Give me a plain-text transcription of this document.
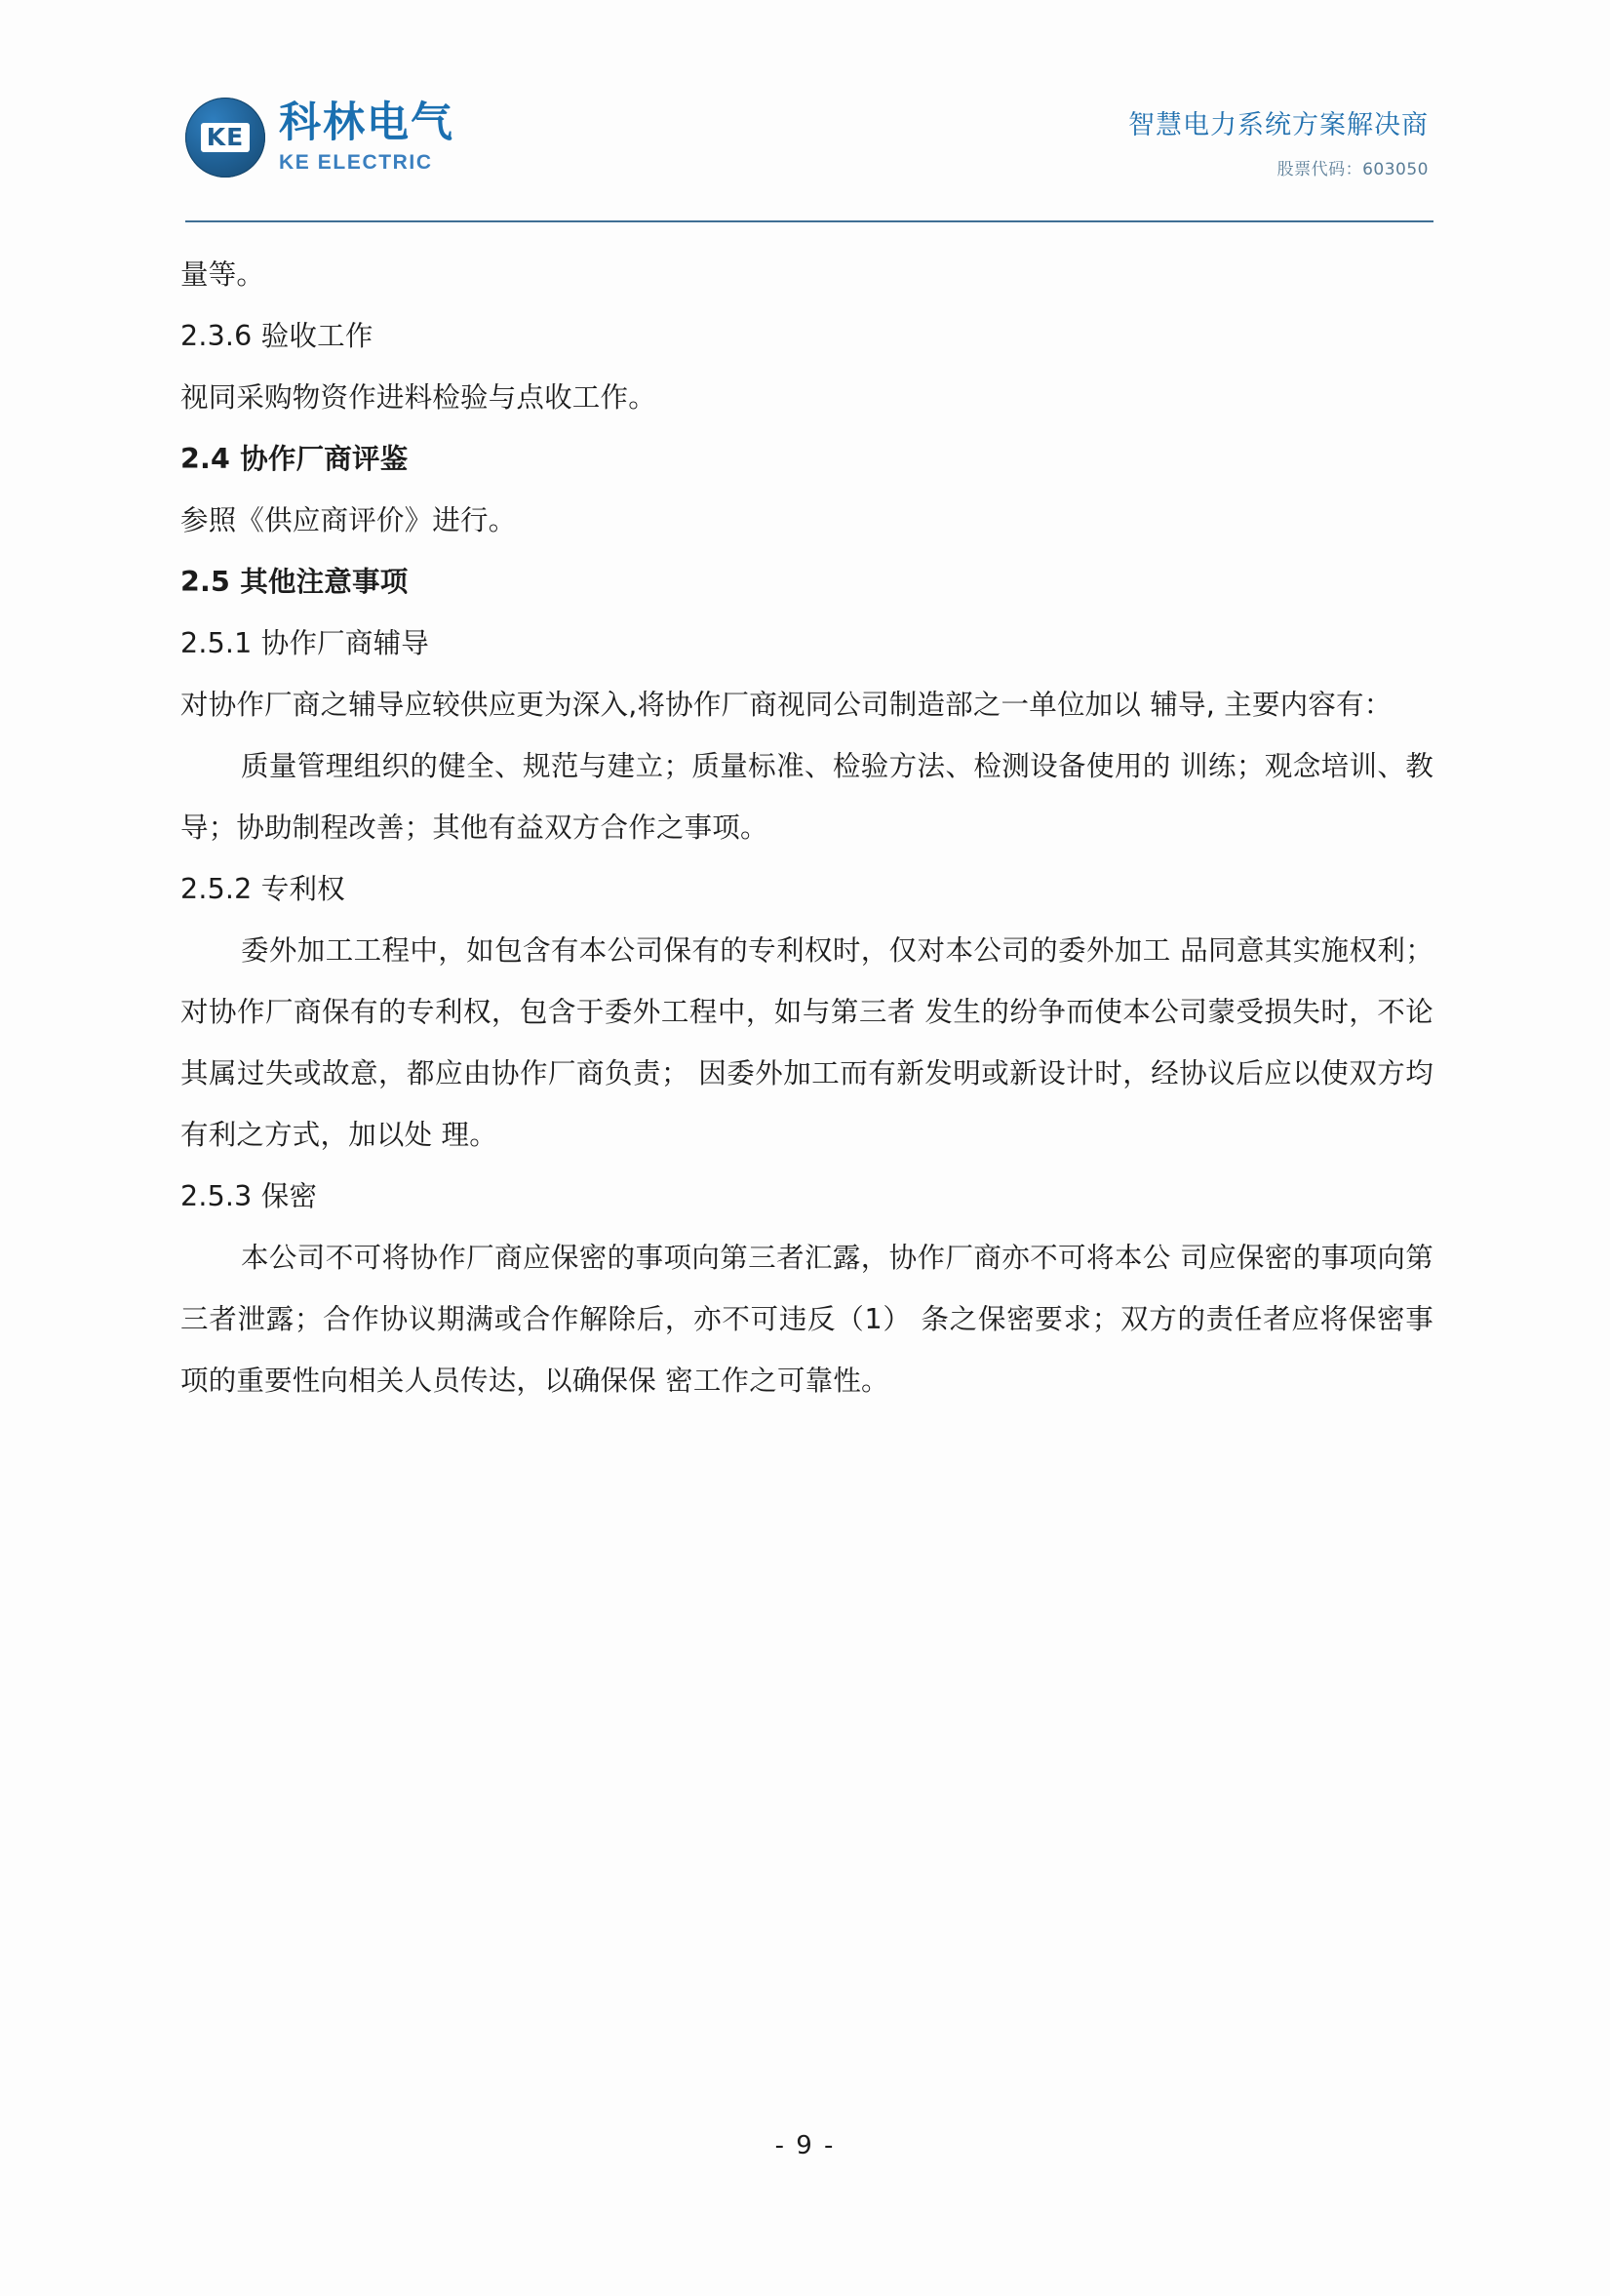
KE 科林电气
KE ELECTRIC
智慧电力系统方案解决商
股票代码：603050

量等。

2.3.6 验收工作

视同采购物资作进料检验与点收工作。

2.4 协作厂商评鉴

参照《供应商评价》进行。

2.5 其他注意事项

2.5.1 协作厂商辅导

对协作厂商之辅导应较供应更为深入,将协作厂商视同公司制造部之一单位加以 辅导, 主要内容有：

质量管理组织的健全、规范与建立；质量标准、检验方法、检测设备使用的 训练；观念培训、教导；协助制程改善；其他有益双方合作之事项。

2.5.2 专利权

委外加工工程中，如包含有本公司保有的专利权时，仅对本公司的委外加工 品同意其实施权利；对协作厂商保有的专利权，包含于委外工程中，如与第三者 发生的纷争而使本公司蒙受损失时，不论其属过失或故意，都应由协作厂商负责； 因委外加工而有新发明或新设计时，经协议后应以使双方均有利之方式，加以处 理。

2.5.3 保密

本公司不可将协作厂商应保密的事项向第三者汇露，协作厂商亦不可将本公 司应保密的事项向第三者泄露；合作协议期满或合作解除后，亦不可违反（1） 条之保密要求；双方的责任者应将保密事项的重要性向相关人员传达，以确保保 密工作之可靠性。

- 9 -
